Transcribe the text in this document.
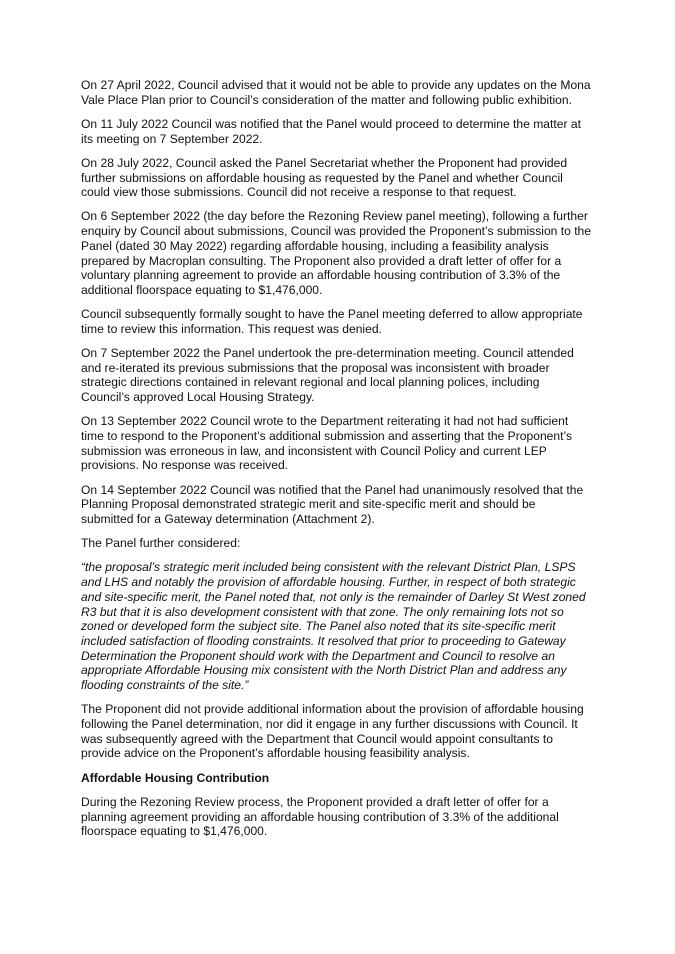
On 27 April 2022, Council advised that it would not be able to provide any updates on the Mona Vale Place Plan prior to Council’s consideration of the matter and following public exhibition.

On 11 July 2022 Council was notified that the Panel would proceed to determine the matter at its meeting on 7 September 2022.

On 28 July 2022, Council asked the Panel Secretariat whether the Proponent had provided further submissions on affordable housing as requested by the Panel and whether Council could view those submissions. Council did not receive a response to that request.

On 6 September 2022 (the day before the Rezoning Review panel meeting), following a further enquiry by Council about submissions, Council was provided the Proponent’s submission to the Panel (dated 30 May 2022) regarding affordable housing, including a feasibility analysis prepared by Macroplan consulting. The Proponent also provided a draft letter of offer for a voluntary planning agreement to provide an affordable housing contribution of 3.3% of the additional floorspace equating to $1,476,000.

Council subsequently formally sought to have the Panel meeting deferred to allow appropriate time to review this information. This request was denied.

On 7 September 2022 the Panel undertook the pre-determination meeting. Council attended and re-iterated its previous submissions that the proposal was inconsistent with broader strategic directions contained in relevant regional and local planning polices, including Council’s approved Local Housing Strategy.

On 13 September 2022 Council wrote to the Department reiterating it had not had sufficient time to respond to the Proponent’s additional submission and asserting that the Proponent’s submission was erroneous in law, and inconsistent with Council Policy and current LEP provisions. No response was received.

On 14 September 2022 Council was notified that the Panel had unanimously resolved that the Planning Proposal demonstrated strategic merit and site-specific merit and should be submitted for a Gateway determination (Attachment 2).

The Panel further considered:

“the proposal’s strategic merit included being consistent with the relevant District Plan, LSPS and LHS and notably the provision of affordable housing. Further, in respect of both strategic and site-specific merit, the Panel noted that, not only is the remainder of Darley St West zoned R3 but that it is also development consistent with that zone. The only remaining lots not so zoned or developed form the subject site. The Panel also noted that its site-specific merit included satisfaction of flooding constraints. It resolved that prior to proceeding to Gateway Determination the Proponent should work with the Department and Council to resolve an appropriate Affordable Housing mix consistent with the North District Plan and address any flooding constraints of the site.”

The Proponent did not provide additional information about the provision of affordable housing following the Panel determination, nor did it engage in any further discussions with Council. It was subsequently agreed with the Department that Council would appoint consultants to provide advice on the Proponent’s affordable housing feasibility analysis.

Affordable Housing Contribution

During the Rezoning Review process, the Proponent provided a draft letter of offer for a planning agreement providing an affordable housing contribution of 3.3% of the additional floorspace equating to $1,476,000.
